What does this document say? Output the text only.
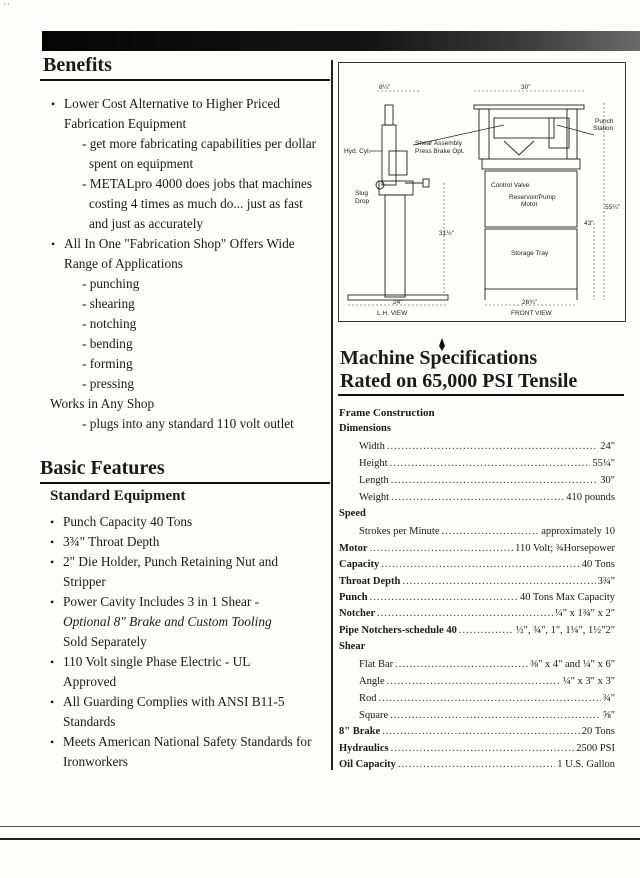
' '
Benefits
• Lower Cost Alternative to Higher Priced
Fabrication Equipment
- get more fabricating capabilities per dollar
spent on equipment
- METALpro 4000 does jobs that machines
costing 4 times as much do... just as fast
and just as accurately
• All In One "Fabrication Shop" Offers Wide
Range of Applications
- punching
- shearing
- notching
- bending
- forming
- pressing
Works in Any Shop
- plugs into any standard 110 volt outlet
Basic Features
Standard Equipment
• Punch Capacity 40 Tons
• 3¾" Throat Depth
• 2" Die Holder, Punch Retaining Nut and
Stripper
• Power Cavity Includes 3 in 1 Shear -
Optional 8" Brake and Custom Tooling
Sold Separately
• 110 Volt single Phase Electric - UL
Approved
• All Guarding Complies with ANSI B11-5
Standards
• Meets American National Safety Standards for
Ironworkers
8¼"	30"
Hyd. Cyl.
Shear Assembly
Press Brake Opt.
Slug
Drop
Punch
Station
Control Valve
Reservoir/Pump
Motor
Storage Tray
31½"
55¼"
43"
24"	26¾"
L.H. VIEW	FRONT VIEW
Machine Specifications
Rated on 65,000 PSI Tensile
Frame Construction
Dimensions
Width .....	24"
Height .....	55¼"
Length .....	30"
Weight .....	410 pounds
Speed
Strokes per Minute .....	approximately 10
Motor .....	110 Volt; ¾Horsepower
Capacity .....	40 Tons
Throat Depth .....	3¾"
Punch .....	40 Tons Max Capacity
Notcher .....	¼" x 1¾" x 2"
Pipe Notchers-schedule 40 .....	½", ¾", 1", 1¼", 1½"2"
Shear
Flat Bar .....	⅜" x 4" and ¼" x 6"
Angle .....	¼" x 3" x 3"
Rod .....	¾"
Square .....	⅝"
8" Brake .....	20 Tons
Hydraulics .....	2500 PSI
Oil Capacity .....	1 U.S. Gallon
